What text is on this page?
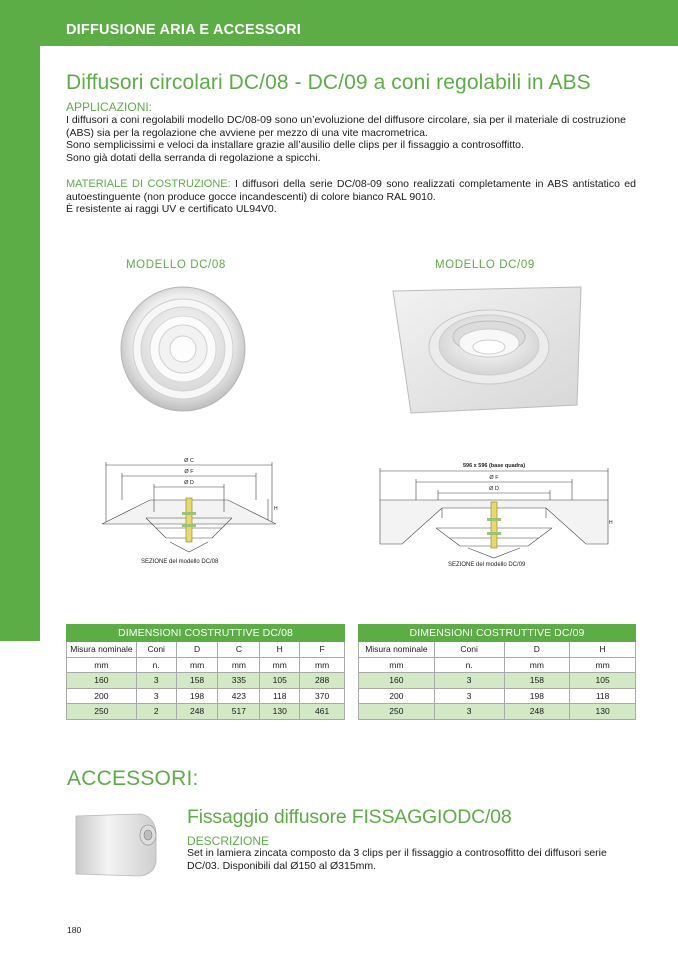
DIFFUSIONE ARIA E ACCESSORI
Diffusori circolari DC/08 - DC/09 a coni regolabili in ABS
APPLICAZIONI:
I diffusori a coni regolabili modello DC/08-09 sono un’evoluzione del diffusore circolare, sia per il materiale di costruzione
(ABS) sia per la regolazione che avviene per mezzo di una vite macrometrica.
Sono semplicissimi e veloci da installare grazie all’ausilio delle clips per il fissaggio a controsoffitto.
Sono già dotati della serranda di regolazione a spicchi.
MATERIALE DI COSTRUZIONE: I diffusori della serie DC/08-09 sono realizzati completamente in ABS antistatico ed autoestinguente (non produce gocce incandescenti) di colore bianco RAL 9010.
È resistente ai raggi UV e certificato UL94V0.
MODELLO DC/08	MODELLO DC/09
Ø C
Ø F
Ø D
H
SEZIONE del modello DC/08
596 x 596 (base quadra)
Ø F
Ø D
H
SEZIONE del modello DC/09
DIMENSIONI COSTRUTTIVE DC/08					
Misura nominale	Coni	D	C	H	F
mm	n.	mm	mm	mm	mm
160	3	158	335	105	288
200	3	198	423	118	370
250	2	248	517	130	461
DIMENSIONI COSTRUTTIVE DC/09			
Misura nominale	Coni	D	H
mm	n.	mm	mm
160	3	158	105
200	3	198	118
250	3	248	130
ACCESSORI:
Fissaggio diffusore FISSAGGIODC/08
DESCRIZIONE
Set in lamiera zincata composto da 3 clips per il fissaggio a controsoffitto dei diffusori serie
DC/03. Disponibili dal Ø150 al Ø315mm.
180
